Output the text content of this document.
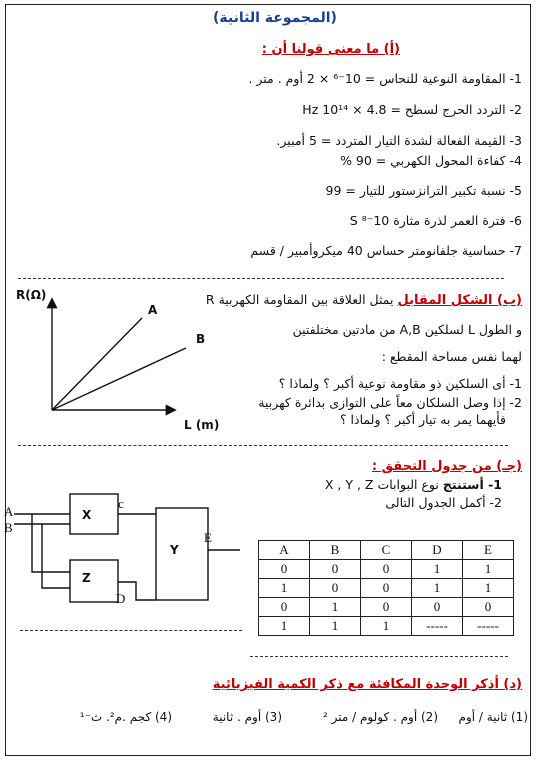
(المجموعة الثانية)
(أ) ما معنى قولنا أن :
1- المقاومة النوعية للنحاس = 10⁻⁶ × 2 أوم . متر .
2- التردد الحرج لسطح = 4.8 × 10¹⁴ Hz
3- القيمة الفعالة لشدة التيار المتردد = 5 أمبير.
4- كفاءة المحول الكهربي = 90 %
5- نسبة تكبير الترانزستور للتيار = 99
6- فترة العمر لذرة مثارة 10⁻⁸ S
7- حساسية جلفانومتر حساس 40 ميكروأمبير / قسم
(ب) الشكل المقابل يمثل العلاقة بين المقاومة الكهربية R
و الطول L لسلكين A,B من مادتين مختلفتين
لهما نفس مساحة المقطع :
1- أى السلكين ذو مقاومة نوعية أكبر ؟ ولماذا ؟
2- إذا وصل السلكان معاً على التوازى بدائرة كهربية
فأيهما يمر به تيار أكبر ؟ ولماذا ؟
R(Ω)
L (m)
A
B
(جـ) من جدول التحقق :
1- أستنتج نوع البوابات X , Y , Z
2- أكمل الجدول التالى
A
B
X
Z
Y
c
D
E
A	B	C	D	E
0	0	0	1	1
1	0	0	1	1
0	1	0	0	0
1	1	1	-----	-----
(د) أذكر الوحدة المكافئة مع ذكر الكمية الفيزيائية
(1) ثانية / أوم
(2) أوم . كولوم / متر ²
(3) أوم . ثانية
(4) كجم .م². ث⁻¹
